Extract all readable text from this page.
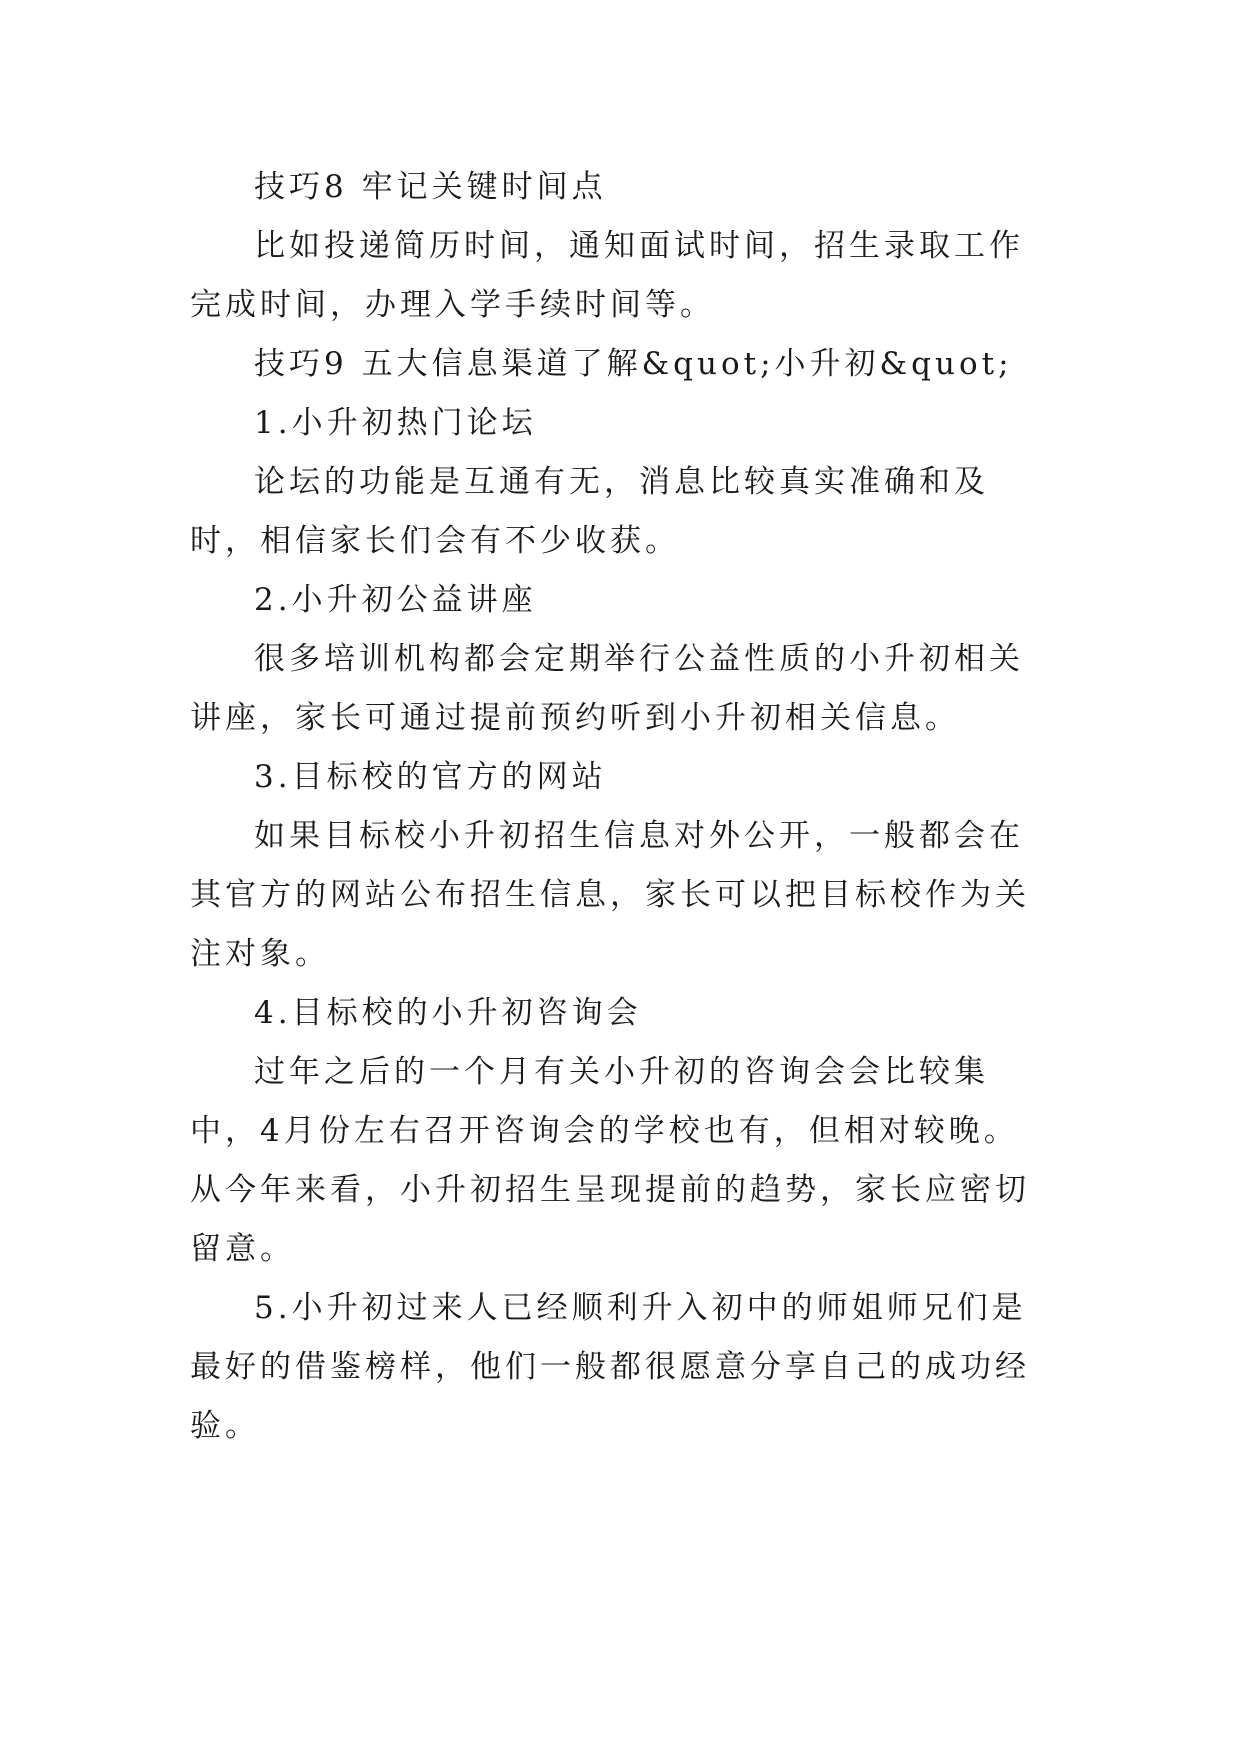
技巧8 牢记关键时间点

比如投递简历时间，通知面试时间，招生录取工作完成时间，办理入学手续时间等。

技巧9 五大信息渠道了解&quot;小升初&quot;

1.小升初热门论坛

论坛的功能是互通有无，消息比较真实准确和及时，相信家长们会有不少收获。

2.小升初公益讲座

很多培训机构都会定期举行公益性质的小升初相关讲座，家长可通过提前预约听到小升初相关信息。

3.目标校的官方的网站

如果目标校小升初招生信息对外公开，一般都会在其官方的网站公布招生信息，家长可以把目标校作为关注对象。

4.目标校的小升初咨询会

过年之后的一个月有关小升初的咨询会会比较集中，4月份左右召开咨询会的学校也有，但相对较晚。从今年来看，小升初招生呈现提前的趋势，家长应密切留意。

5.小升初过来人已经顺利升入初中的师姐师兄们是最好的借鉴榜样，他们一般都很愿意分享自己的成功经验。
